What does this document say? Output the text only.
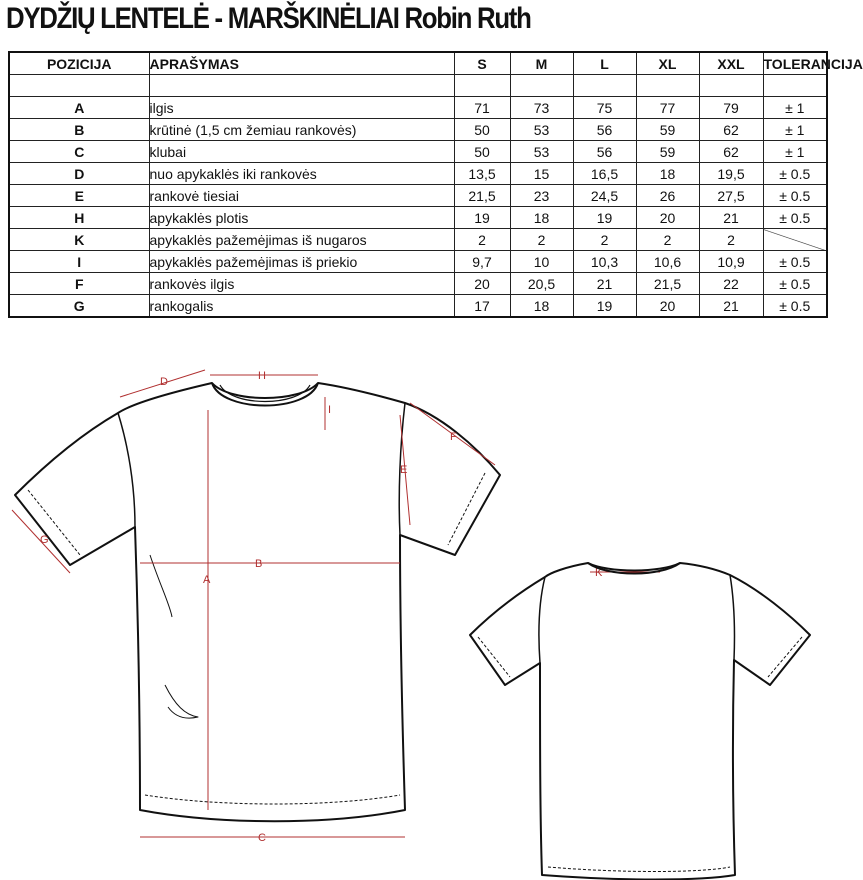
DYDŽIŲ LENTELĖ - MARŠKINĖLIAI Robin Ruth
POZICIJA	APRAŠYMAS	S	M	L	XL	XXL	TOLERANCIJA

A	ilgis	71	73	75	77	79	± 1
B	krūtinė (1,5 cm žemiau rankovės)	50	53	56	59	62	± 1
C	klubai	50	53	56	59	62	± 1
D	nuo apykaklės iki rankovės	13,5	15	16,5	18	19,5	± 0.5
E	rankovė tiesiai	21,5	23	24,5	26	27,5	± 0.5
H	apykaklės plotis	19	18	19	20	21	± 0.5
K	apykaklės pažemėjimas iš nugaros	2	2	2	2	2	
I	apykaklės pažemėjimas iš priekio	9,7	10	10,3	10,6	10,9	± 0.5
F	rankovės ilgis	20	20,5	21	21,5	22	± 0.5
G	rankogalis	17	18	19	20	21	± 0.5
D	H
I
F
E
G
B
A
C
K
